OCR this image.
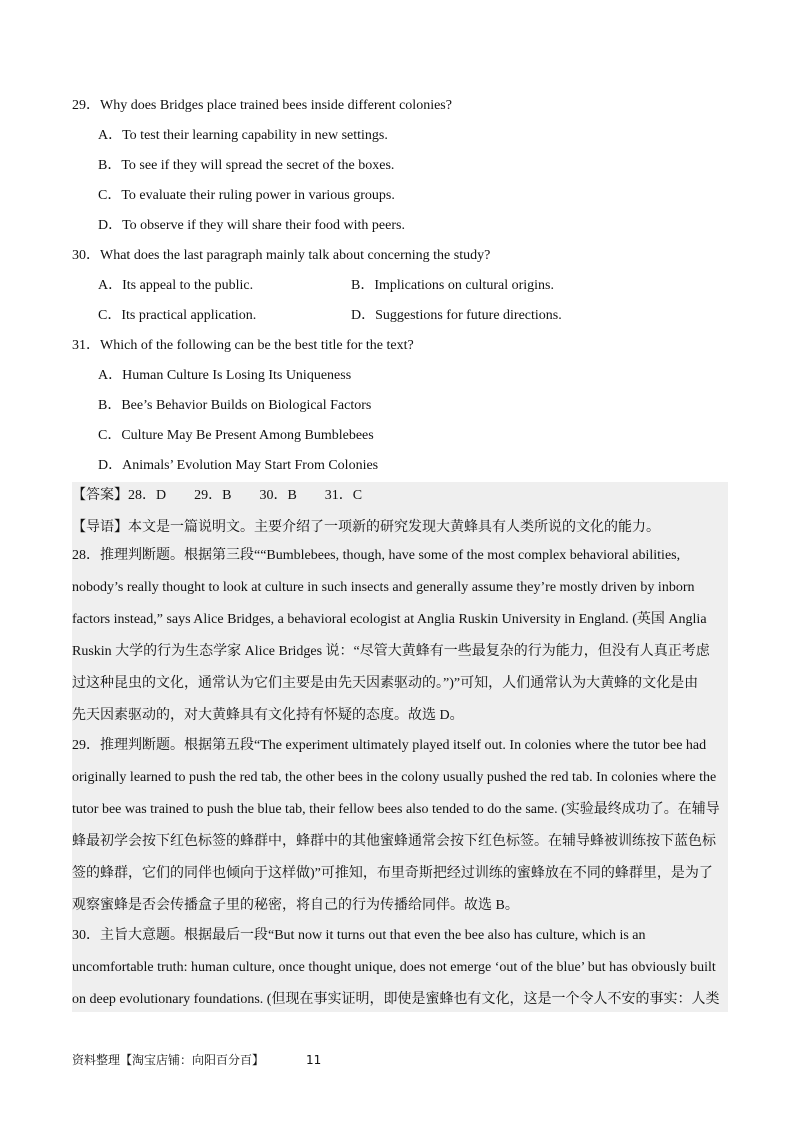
29．Why does Bridges place trained bees inside different colonies?
A．To test their learning capability in new settings.
B．To see if they will spread the secret of the boxes.
C．To evaluate their ruling power in various groups.
D．To observe if they will share their food with peers.
30．What does the last paragraph mainly talk about concerning the study?
A．Its appeal to the public.	B．Implications on cultural origins.
C．Its practical application.	D．Suggestions for future directions.
31．Which of the following can be the best title for the text?
A．Human Culture Is Losing Its Uniqueness
B．Bee’s Behavior Builds on Biological Factors
C．Culture May Be Present Among Bumblebees
D．Animals’ Evolution May Start From Colonies
【答案】28．D　　29．B　　30．B　　31．C
【导语】本文是一篇说明文。主要介绍了一项新的研究发现大黄蜂具有人类所说的文化的能力。
28．推理判断题。根据第三段““Bumblebees, though, have some of the most complex behavioral abilities,
nobody’s really thought to look at culture in such insects and generally assume they’re mostly driven by inborn
factors instead,” says Alice Bridges, a behavioral ecologist at Anglia Ruskin University in England. (英国 Anglia
Ruskin 大学的行为生态学家 Alice Bridges 说：“尽管大黄蜂有一些最复杂的行为能力，但没有人真正考虑
过这种昆虫的文化，通常认为它们主要是由先天因素驱动的。”)”可知，人们通常认为大黄蜂的文化是由
先天因素驱动的，对大黄蜂具有文化持有怀疑的态度。故选 D。
29．推理判断题。根据第五段“The experiment ultimately played itself out. In colonies where the tutor bee had
originally learned to push the red tab, the other bees in the colony usually pushed the red tab. In colonies where the
tutor bee was trained to push the blue tab, their fellow bees also tended to do the same. (实验最终成功了。在辅导
蜂最初学会按下红色标签的蜂群中，蜂群中的其他蜜蜂通常会按下红色标签。在辅导蜂被训练按下蓝色标
签的蜂群，它们的同伴也倾向于这样做)”可推知，布里奇斯把经过训练的蜜蜂放在不同的蜂群里，是为了
观察蜜蜂是否会传播盒子里的秘密，将自己的行为传播给同伴。故选 B。
30．主旨大意题。根据最后一段“But now it turns out that even the bee also has culture, which is an
uncomfortable truth: human culture, once thought unique, does not emerge ‘out of the blue’ but has obviously built
on deep evolutionary foundations. (但现在事实证明，即使是蜜蜂也有文化，这是一个令人不安的事实：人类
资料整理【淘宝店铺：向阳百分百】	11
